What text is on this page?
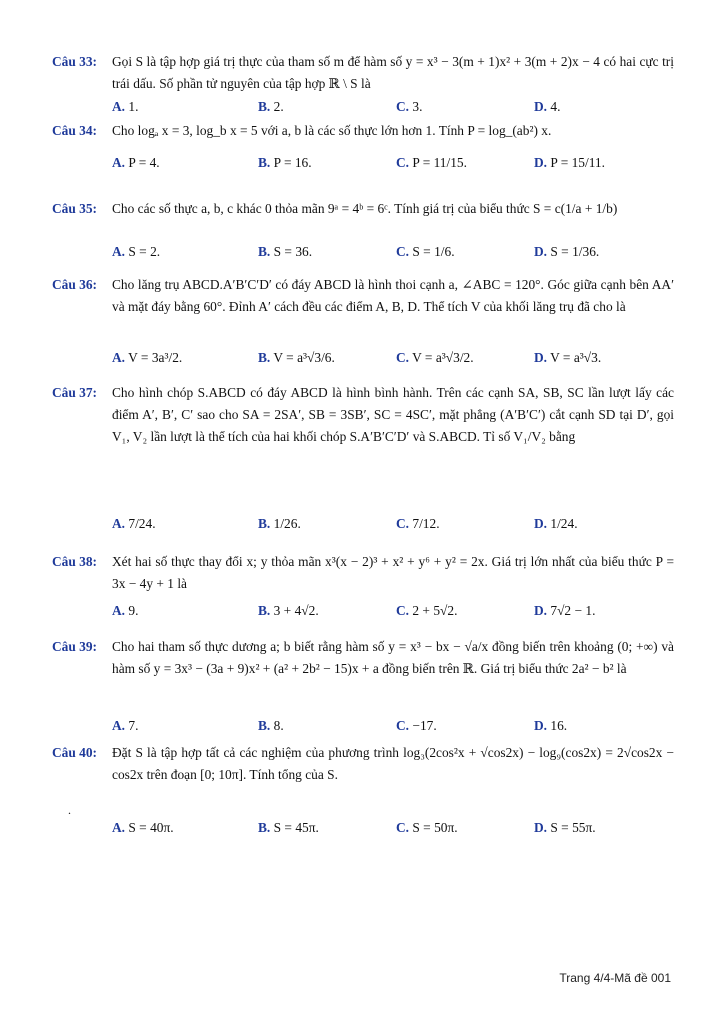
Câu 33: Gọi S là tập hợp giá trị thực của tham số m để hàm số y = x³ − 3(m + 1)x² + 3(m + 2)x − 4 có hai cực trị trái dấu. Số phần tử nguyên của tập hợp ℝ \ S là
A. 1.	B. 2.	C. 3.	D. 4.
Câu 34: Cho logₐ x = 3, log_b x = 5 với a, b là các số thực lớn hơn 1. Tính P = log_(ab²) x.
A. P = 4.	B. P = 16.	C. P = 11/15.	D. P = 15/11.
Câu 35: Cho các số thực a, b, c khác 0 thỏa mãn 9ᵃ = 4ᵇ = 6ᶜ. Tính giá trị của biểu thức S = c(1/a + 1/b)
A. S = 2.	B. S = 36.	C. S = 1/6.	D. S = 1/36.
Câu 36: Cho lăng trụ ABCD.A′B′C′D′ có đáy ABCD là hình thoi cạnh a, ∠ABC = 120°. Góc giữa cạnh bên AA′ và mặt đáy bằng 60°. Đỉnh A′ cách đều các điểm A, B, D. Thể tích V của khối lăng trụ đã cho là
A. V = 3a³/2.	B. V = a³√3/6.	C. V = a³√3/2.	D. V = a³√3.
Câu 37: Cho hình chóp S.ABCD có đáy ABCD là hình bình hành. Trên các cạnh SA, SB, SC lần lượt lấy các điểm A′, B′, C′ sao cho SA = 2SA′, SB = 3SB′, SC = 4SC′, mặt phẳng (A′B′C′) cắt cạnh SD tại D′, gọi V₁, V₂ lần lượt là thể tích của hai khối chóp S.A′B′C′D′ và S.ABCD. Tỉ số V₁/V₂ bằng
A. 7/24.	B. 1/26.	C. 7/12.	D. 1/24.
Câu 38: Xét hai số thực thay đổi x; y thỏa mãn x³(x − 2)³ + x² + y⁶ + y² = 2x. Giá trị lớn nhất của biểu thức P = 3x − 4y + 1 là
A. 9.	B. 3 + 4√2.	C. 2 + 5√2.	D. 7√2 − 1.
Câu 39: Cho hai tham số thực dương a; b biết rằng hàm số y = x³ − bx − √a/x đồng biến trên khoảng (0; +∞) và hàm số y = 3x³ − (3a + 9)x² + (a² + 2b² − 15)x + a đồng biến trên ℝ. Giá trị biểu thức 2a² − b² là
A. 7.	B. 8.	C. −17.	D. 16.
Câu 40: Đặt S là tập hợp tất cả các nghiệm của phương trình log₃(2cos²x + √cos2x) − log₉(cos2x) = 2√cos2x − cos2x trên đoạn [0; 10π]. Tính tổng của S.
.
A. S = 40π.	B. S = 45π.	C. S = 50π.	D. S = 55π.
Trang 4/4-Mã đề 001
